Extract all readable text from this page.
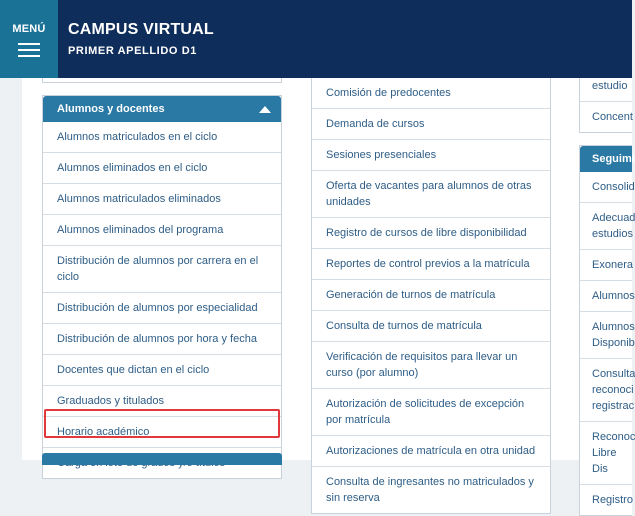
MENÚ	CAMPUS VIRTUAL
PRIMER APELLIDO D1
Alumnos y docentes
Alumnos matriculados en el ciclo
Alumnos eliminados en el ciclo
Alumnos matriculados eliminados
Alumnos eliminados del programa
Distribución de alumnos por carrera en el ciclo
Distribución de alumnos por especialidad
Distribución de alumnos por hora y fecha
Docentes que dictan en el ciclo
Graduados y titulados
Horario académico
Comisión de predocentes
Demanda de cursos
Sesiones presenciales
Oferta de vacantes para alumnos de otras unidades
Registro de cursos de libre disponibilidad
Reportes de control previos a la matrícula
Generación de turnos de matrícula
Consulta de turnos de matrícula
Verificación de requisitos para llevar un curso (por alumno)
Autorización de solicitudes de excepción por matrícula
Autorizaciones de matrícula en otra unidad
Consulta de ingresantes no matriculados y sin reserva
estudio
Concent
Seguimi
Consolid
Adecuad estudios
Exonera
Alumnos
Alumnos Disponib
Consulta reconoci registrac
Reconoc Libre Dis
Registro
